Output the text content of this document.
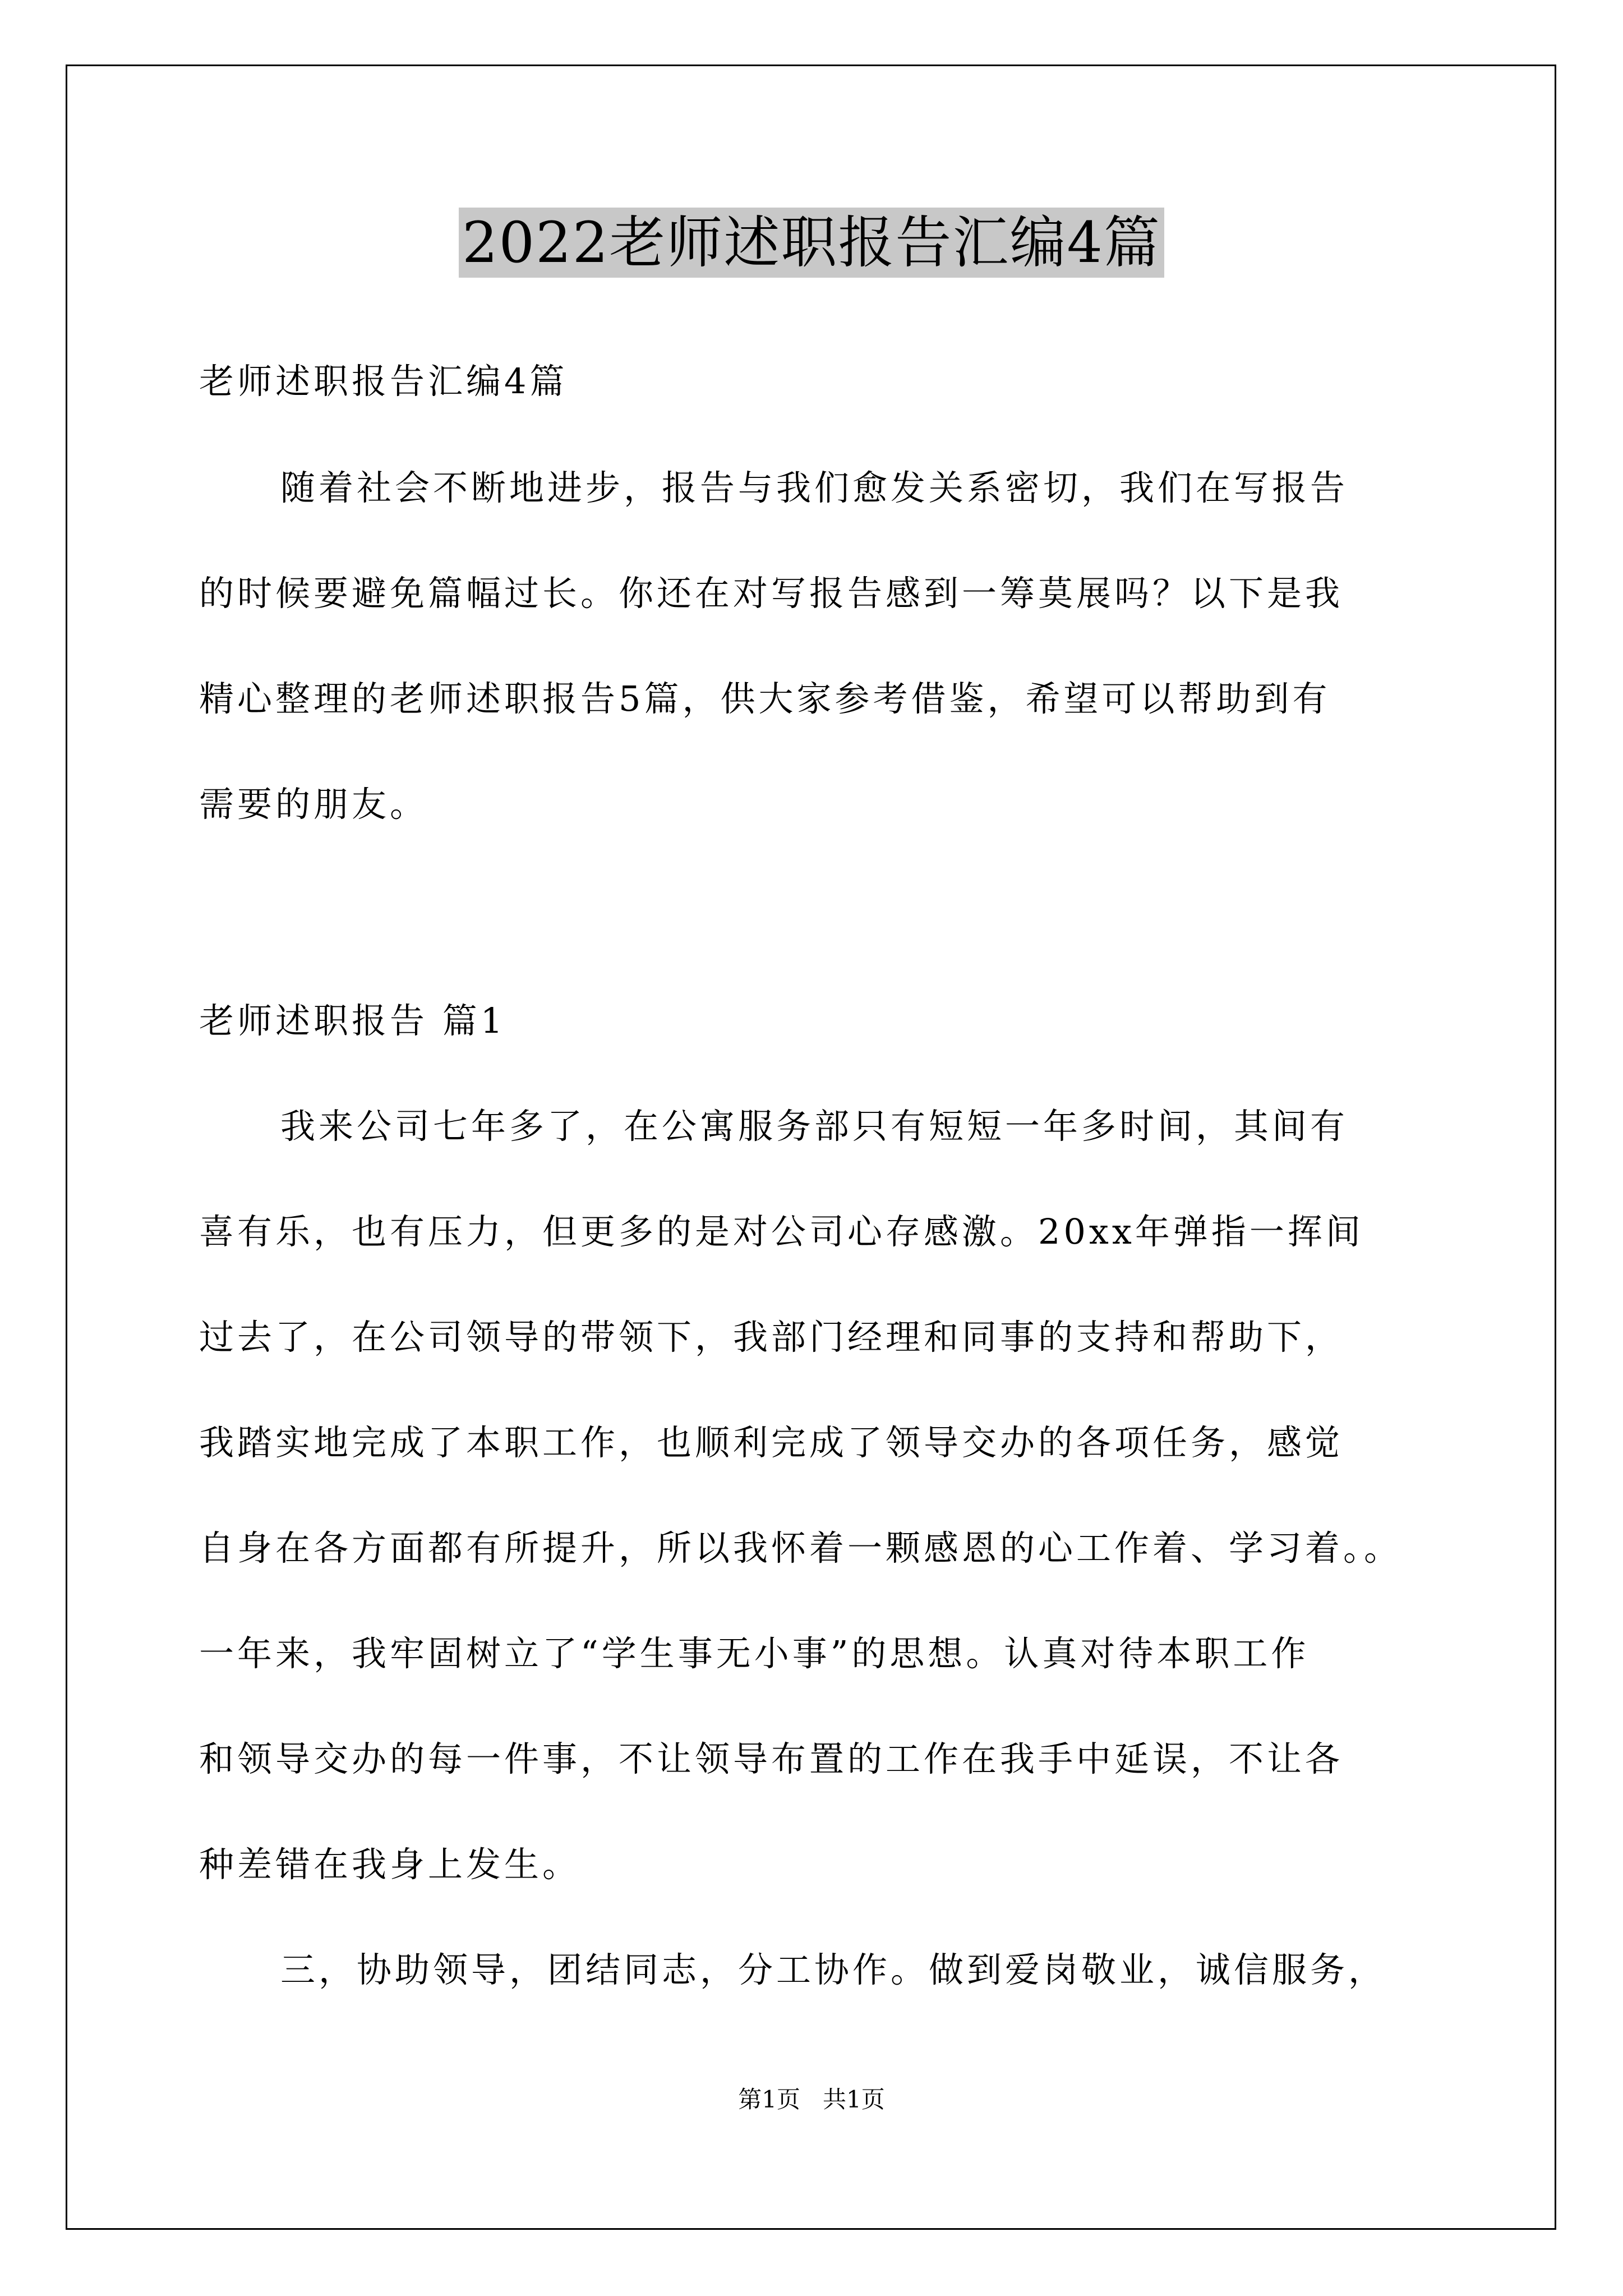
2022老师述职报告汇编4篇
老师述职报告汇编4篇
随着社会不断地进步，报告与我们愈发关系密切，我们在写报告
的时候要避免篇幅过长。你还在对写报告感到一筹莫展吗？以下是我
精心整理的老师述职报告5篇，供大家参考借鉴，希望可以帮助到有
需要的朋友。
老师述职报告 篇1
我来公司七年多了，在公寓服务部只有短短一年多时间，其间有
喜有乐，也有压力，但更多的是对公司心存感激。20xx年弹指一挥间
过去了，在公司领导的带领下，我部门经理和同事的支持和帮助下，
我踏实地完成了本职工作，也顺利完成了领导交办的各项任务，感觉
自身在各方面都有所提升，所以我怀着一颗感恩的心工作着、学习着。。
一年来，我牢固树立了“学生事无小事”的思想。认真对待本职工作
和领导交办的每一件事，不让领导布置的工作在我手中延误，不让各
种差错在我身上发生。
三，协助领导，团结同志，分工协作。做到爱岗敬业，诚信服务，
第1页   共1页
